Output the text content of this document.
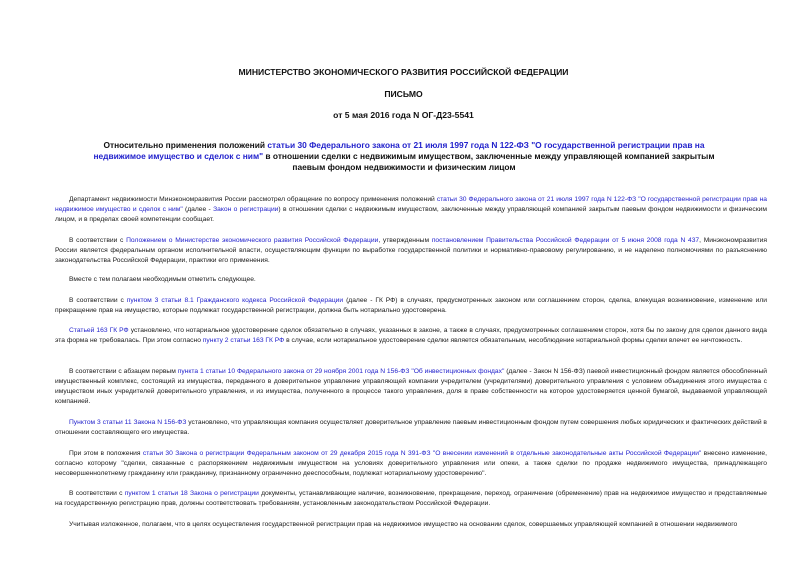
МИНИСТЕРСТВО ЭКОНОМИЧЕСКОГО РАЗВИТИЯ РОССИЙСКОЙ ФЕДЕРАЦИИ
ПИСЬМО
от 5 мая 2016 года N ОГ-Д23-5541
Относительно применения положений статьи 30 Федерального закона от 21 июля 1997 года N 122-ФЗ "О государственной регистрации прав на недвижимое имущество и сделок с ним" в отношении сделки с недвижимым имуществом, заключенные между управляющей компанией закрытым паевым фондом недвижимости и физическим лицом
Департамент недвижимости Минэкономразвития России рассмотрел обращение по вопросу применения положений статьи 30 Федерального закона от 21 июля 1997 года N 122-ФЗ "О государственной регистрации прав на недвижимое имущество и сделок с ним" (далее - Закон о регистрации) в отношении сделки с недвижимым имуществом, заключенные между управляющей компанией закрытым паевым фондом недвижимости и физическим лицом, и в пределах своей компетенции сообщает.
В соответствии с Положением о Министерстве экономического развития Российской Федерации, утвержденным постановлением Правительства Российской Федерации от 5 июня 2008 года N 437, Минэкономразвития России является федеральным органом исполнительной власти, осуществляющим функции по выработке государственной политики и нормативно-правовому регулированию, и не наделено полномочиями по разъяснению законодательства Российской Федерации, практики его применения.
Вместе с тем полагаем необходимым отметить следующее.
В соответствии с пунктом 3 статьи 8.1 Гражданского кодекса Российской Федерации (далее - ГК РФ) в случаях, предусмотренных законом или соглашением сторон, сделка, влекущая возникновение, изменение или прекращение прав на имущество, которые подлежат государственной регистрации, должна быть нотариально удостоверена.
Статьей 163 ГК РФ установлено, что нотариальное удостоверение сделок обязательно в случаях, указанных в законе, а также в случаях, предусмотренных соглашением сторон, хотя бы по закону для сделок данного вида эта форма не требовалась. При этом согласно пункту 2 статьи 163 ГК РФ в случае, если нотариальное удостоверение сделки является обязательным, несоблюдение нотариальной формы сделки влечет ее ничтожность.
В соответствии с абзацем первым пункта 1 статьи 10 Федерального закона от 29 ноября 2001 года N 156-ФЗ "Об инвестиционных фондах" (далее - Закон N 156-ФЗ) паевой инвестиционный фондом является обособленный имущественный комплекс, состоящий из имущества, переданного в доверительное управление управляющей компании учредителем (учредителями) доверительного управления с условием объединения этого имущества с имуществом иных учредителей доверительного управления, и из имущества, полученного в процессе такого управления, доля в праве собственности на которое удостоверяется ценной бумагой, выдаваемой управляющей компанией.
Пунктом 3 статьи 11 Закона N 156-ФЗ установлено, что управляющая компания осуществляет доверительное управление паевым инвестиционным фондом путем совершения любых юридических и фактических действий в отношении составляющего его имущества.
При этом в положения статьи 30 Закона о регистрации Федеральным законом от 29 декабря 2015 года N 391-ФЗ "О внесении изменений в отдельные законодательные акты Российской Федерации" внесено изменение, согласно которому "сделки, связанные с распоряжением недвижимым имуществом на условиях доверительного управления или опеки, а также сделки по продаже недвижимого имущества, принадлежащего несовершеннолетнему гражданину или гражданину, признанному ограниченно дееспособным, подлежат нотариальному удостоверению".
В соответствии с пунктом 1 статьи 18 Закона о регистрации документы, устанавливающие наличие, возникновение, прекращение, переход, ограничение (обременение) прав на недвижимое имущество и представляемые на государственную регистрацию прав, должны соответствовать требованиям, установленным законодательством Российской Федерации.
Учитывая изложенное, полагаем, что в целях осуществления государственной регистрации прав на недвижимое имущество на основании сделок, совершаемых управляющей компанией в отношении недвижимого
